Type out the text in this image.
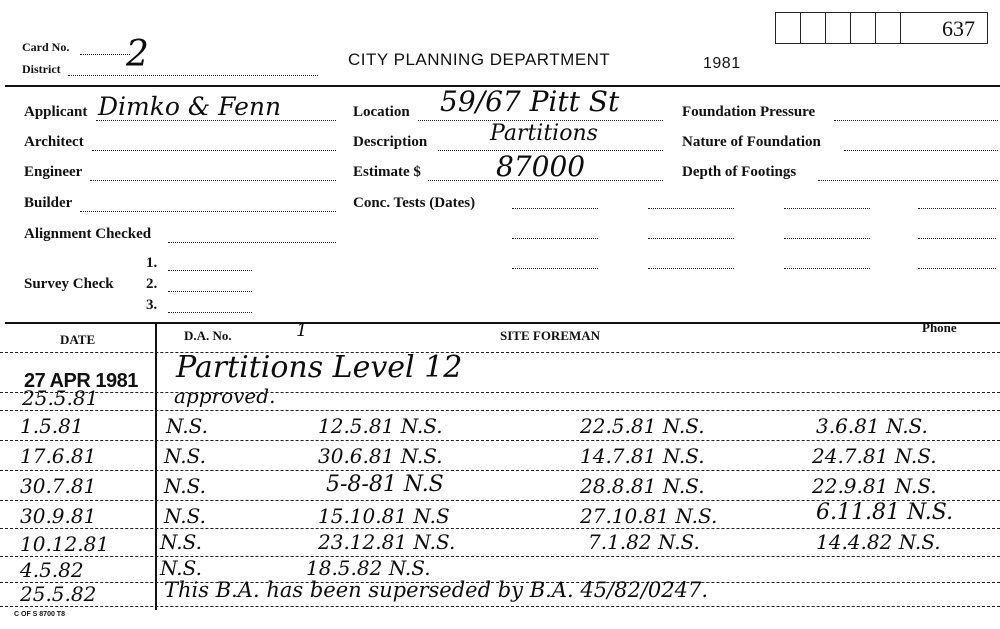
Card No. 2
District	CITY PLANNING DEPARTMENT	1981
637
Applicant Dimko & Fenn
Architect
Engineer
Builder
Alignment Checked
Survey Check
1.
2.
3.
Location 59/67 Pitt St
Description	Partitions
Estimate $	87000
Conc. Tests (Dates)
Foundation Pressure
Nature of Foundation
Depth of Footings
DATE	D.A. No.	1	SITE FOREMAN
Phone
27 APR 1981 Partitions Level 12
25.5.81	approved.
1.5.81	N.S.	12.5.81 N.S.	22.5.81 N.S.	3.6.81 N.S.
17.6.81	N.S.	30.6.81 N.S.	14.7.81 N.S.	24.7.81 N.S.
30.7.81	N.S.	5-8-81 N.S	28.8.81 N.S.	22.9.81 N.S.
30.9.81	N.S.	15.10.81 N.S	27.10.81 N.S.	6.11.81 N.S.
10.12.81	N.S.	23.12.81 N.S.	7.1.82 N.S.	14.4.82 N.S.
4.5.82	N.S.	18.5.82 N.S.
25.5.82	This B.A. has been superseded by B.A. 45/82/0247.
C OF S 8700 T8
